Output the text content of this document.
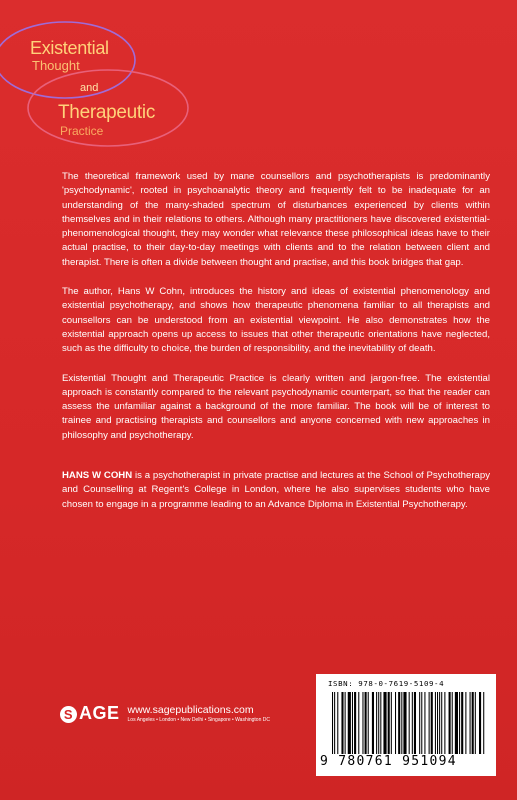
Existential
Thought
and
Therapeutic
Practice

The theoretical framework used by mane counsellors and psychotherapists is predominantly 'psychodynamic', rooted in psychoanalytic theory and frequently felt to be inadequate for an understanding of the many-shaded spectrum of disturbances experienced by clients within themselves and in their relations to others. Although many practitioners have discovered existential-phenomenological thought, they may wonder what relevance these philosophical ideas have to their actual practise, to their day-to-day meetings with clients and to the relation between client and therapist. There is often a divide between thought and practise, and this book bridges that gap.

The author, Hans W Cohn, introduces the history and ideas of existential phenomenology and existential psychotherapy, and shows how therapeutic phenomena familiar to all therapists and counsellors can be understood from an existential viewpoint. He also demonstrates how the existential approach opens up access to issues that other therapeutic orientations have neglected, such as the difficulty to choice, the burden of responsibility, and the inevitability of death.

Existential Thought and Therapeutic Practice is clearly written and jargon-free. The existential approach is constantly compared to the relevant psychodynamic counterpart, so that the reader can assess the unfamiliar against a background of the more familiar. The book will be of interest to trainee and practising therapists and counsellors and anyone concerned with new approaches in philosophy and psychotherapy.

HANS W COHN is a psychotherapist in private practise and lectures at the School of Psychotherapy and Counselling at Regent's College in London, where he also supervises students who have chosen to engage in a programme leading to an Advance Diploma in Existential Psychotherapy.

S AGE www.sagepublications.com
Los Angeles • London • New Delhi • Singapore • Washington DC
ISBN: 978-0-7619-5109-4
9 780761 951094
